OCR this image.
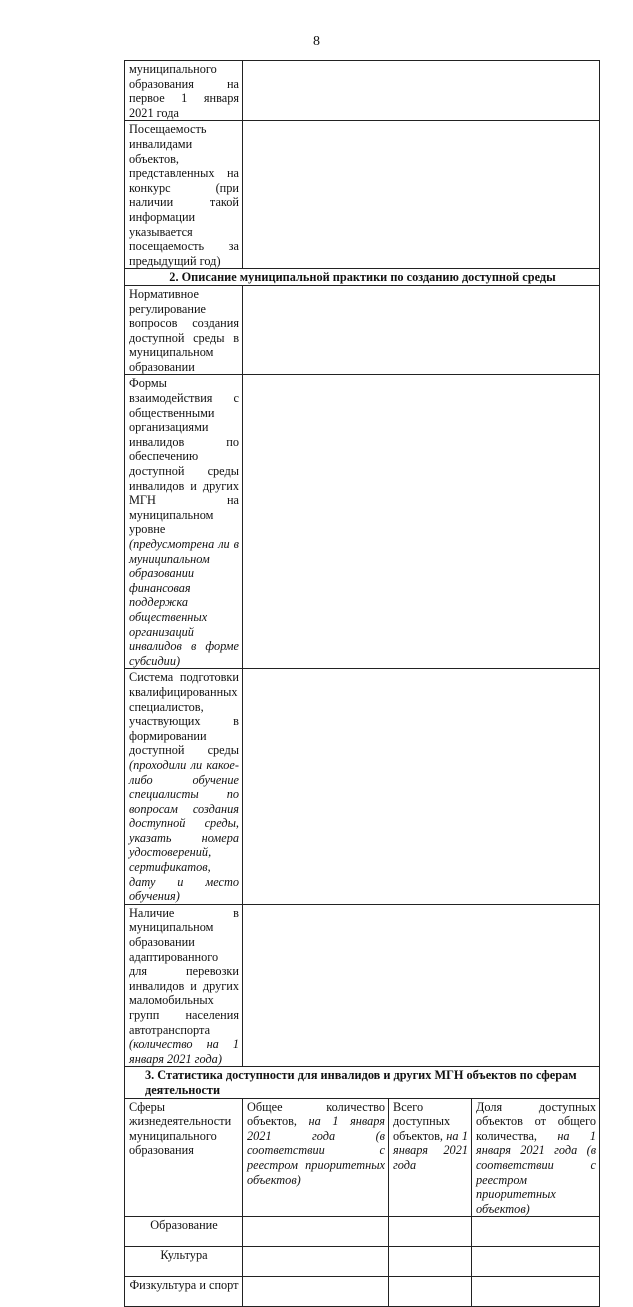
8
муниципального образования на первое 1 января 2021 года			
Посещаемость инвалидами объектов, представленных на конкурс (при наличии такой информации указывается посещаемость за предыдущий год)			
2. Описание муниципальной практики по созданию доступной среды			
Нормативное регулирование вопросов создания доступной среды в муниципальном образовании			
Формы взаимодействия с общественными организациями инвалидов по обеспечению доступной среды инвалидов и других МГН на муниципальном уровне (предусмотрена ли в муниципальном образовании финансовая поддержка общественных организаций инвалидов в форме субсидии)			
Система подготовки квалифицированных специалистов, участвующих в формировании доступной среды (проходили ли какое-либо обучение специалисты по вопросам создания доступной среды, указать номера удостоверений, сертификатов, дату и место обучения)			
Наличие в муниципальном образовании адаптированного для перевозки инвалидов и других маломобильных групп населения автотранспорта (количество на 1 января 2021 года)			
3. Статистика доступности для инвалидов и других МГН объектов по сферам деятельности			
Сферы жизнедеятельности муниципального образования	Общее количество объектов, на 1 января 2021 года (в соответствии с реестром приоритетных объектов)	Всего доступных объектов, на 1 января 2021 года	Доля доступных объектов от общего количества, на 1 января 2021 года (в соответствии с реестром приоритетных объектов)
Образование			
Культура			
Физкультура и спорт			
